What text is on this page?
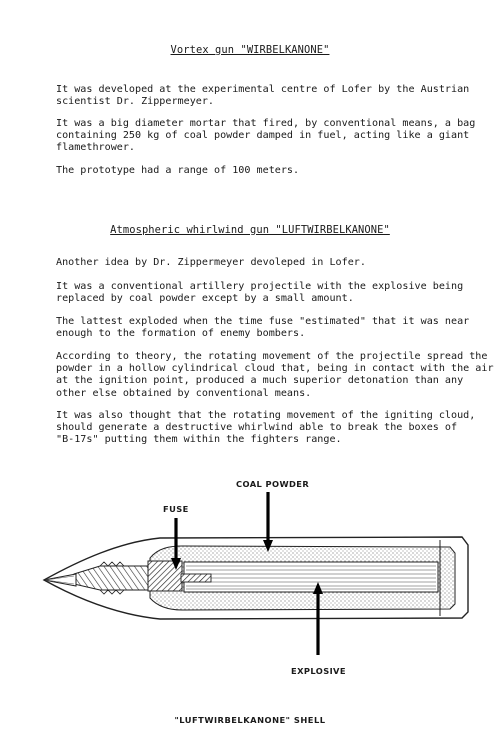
Vortex gun "WIRBELKANONE"
It was developed at the experimental centre of Lofer by the Austrian
scientist Dr. Zippermeyer.
It was a big diameter mortar that fired, by conventional means, a bag
containing 250 kg of coal powder damped in fuel, acting like a giant
flamethrower.
The prototype had a range of 100 meters.
Atmospheric whirlwind gun "LUFTWIRBELKANONE"
Another idea by Dr. Zippermeyer devoleped in Lofer.
It was a conventional artillery projectile with the explosive being
replaced by coal powder except by a small amount.
The lattest exploded when the time fuse "estimated" that it was near
enough to the formation of enemy bombers.
According to theory, the rotating movement of the projectile spread the
powder in a hollow cylindrical cloud that, being in contact with the air
at the ignition point, produced a much superior detonation than any
other else obtained by conventional means.
It was also thought that the rotating movement of the igniting cloud,
should generate a destructive whirlwind able to break the boxes of
"B-17s" putting them within the fighters range.
COAL POWDER
FUSE
EXPLOSIVE
"LUFTWIRBELKANONE" SHELL
